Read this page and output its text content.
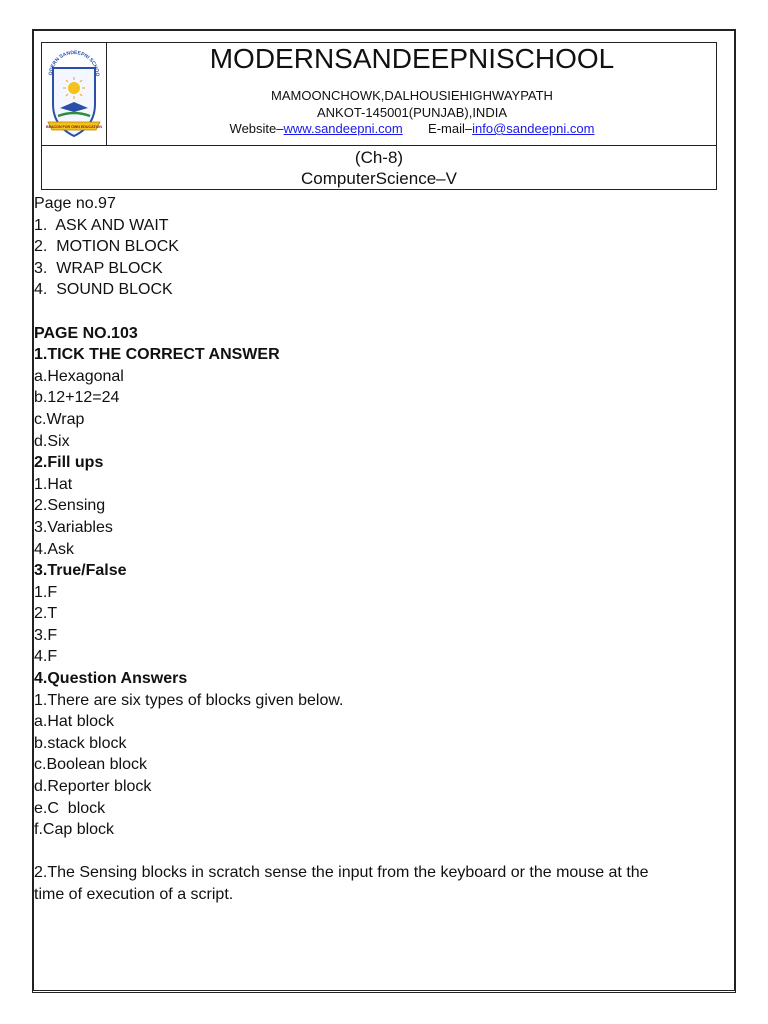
ODERN SANDEEPNI SCHOO
BEACON FOR OWN EDUCATION
MODERNSANDEEPNISCHOOL
MAMOONCHOWK,DALHOUSIEHIGHWAYPATH
ANKOT-145001(PUNJAB),INDIA
Website–www.sandeepni.com E-mail–info@sandeepni.com
(Ch-8)
ComputerScience–V
Page no.97
1.  ASK AND WAIT
2.  MOTION BLOCK
3.  WRAP BLOCK
4.  SOUND BLOCK
PAGE NO.103
1.TICK THE CORRECT ANSWER
a.Hexagonal
b.12+12=24
c.Wrap
d.Six
2.Fill ups
1.Hat
2.Sensing
3.Variables
4.Ask
3.True/False
1.F
2.T
3.F
4.F
4.Question Answers
1.There are six types of blocks given below.
a.Hat block
b.stack block
c.Boolean block
d.Reporter block
e.C  block
f.Cap block
2.The Sensing blocks in scratch sense the input from the keyboard or the mouse at the
time of execution of a script.
